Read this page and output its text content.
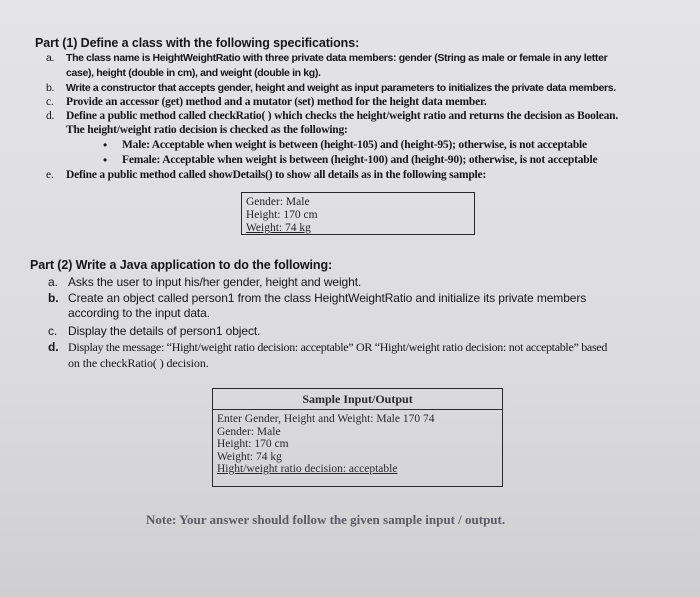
Part (1) Define a class with the following specifications:
a. The class name is HeightWeightRatio with three private data members: gender (String as male or female in any letter
case), height (double in cm), and weight (double in kg).
b. Write a constructor that accepts gender, height and weight as input parameters to initializes the private data members.
c. Provide an accessor (get) method and a mutator (set) method for the height data member.
d. Define a public method called checkRatio( ) which checks the height/weight ratio and returns the decision as Boolean.
The height/weight ratio decision is checked as the following:
• Male: Acceptable when weight is between (height-105) and (height-95); otherwise, is not acceptable
• Female: Acceptable when weight is between (height-100) and (height-90); otherwise, is not acceptable
e. Define a public method called showDetails() to show all details as in the following sample:
Gender: Male
Height: 170 cm
Weight: 74 kg
Part (2) Write a Java application to do the following:
a. Asks the user to input his/her gender, height and weight.
b. Create an object called person1 from the class HeightWeightRatio and initialize its private members
according to the input data.
c. Display the details of person1 object.
d. Display the message: “Hight/weight ratio decision: acceptable” OR “Hight/weight ratio decision: not acceptable” based
on the checkRatio( ) decision.
Sample Input/Output
Enter Gender, Height and Weight: Male 170 74
Gender: Male
Height: 170 cm
Weight: 74 kg
Hight/weight ratio decision: acceptable
Note: Your answer should follow the given sample input / output.
